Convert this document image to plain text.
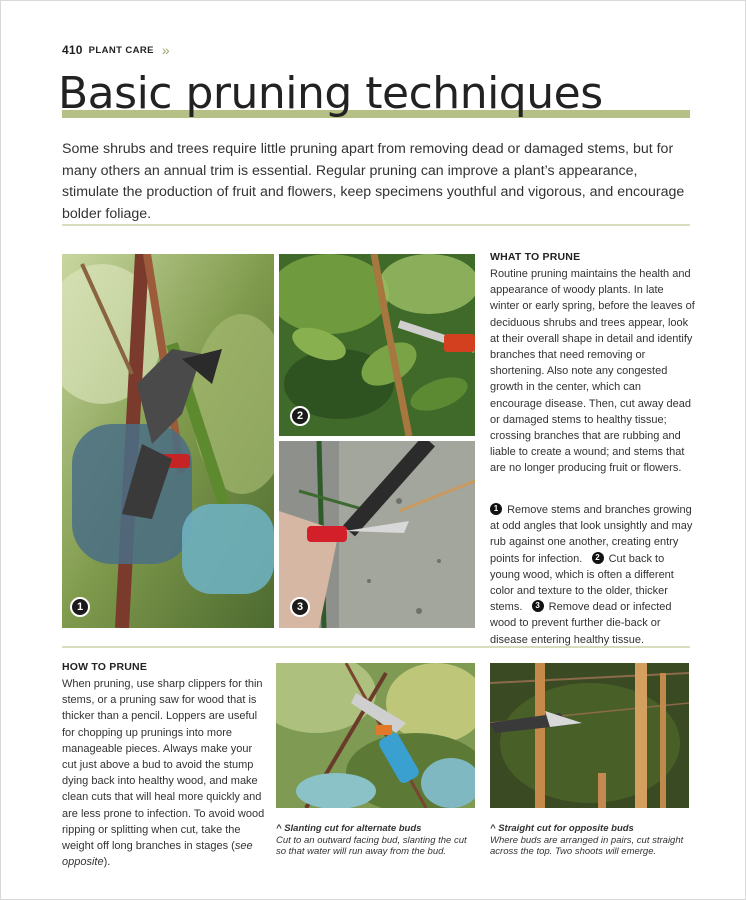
410 PLANT CARE »
Basic pruning techniques
Some shrubs and trees require little pruning apart from removing dead or damaged stems, but for many others an annual trim is essential. Regular pruning can improve a plant’s appearance, stimulate the production of fruit and flowers, keep specimens youthful and vigorous, and encourage bolder foliage.
1
2
3
WHAT TO PRUNE
Routine pruning maintains the health and appearance of woody plants. In late winter or early spring, before the leaves of deciduous shrubs and trees appear, look at their overall shape in detail and identify branches that need removing or shortening. Also note any congested growth in the center, which can encourage disease. Then, cut away dead or damaged stems to healthy tissue; crossing branches that are rubbing and liable to create a wound; and stems that are no longer producing fruit or flowers.
1 Remove stems and branches growing at odd angles that look unsightly and may rub against one another, creating entry points for infection. 2 Cut back to young wood, which is often a different color and texture to the older, thicker stems. 3 Remove dead or infected wood to prevent further die-back or disease entering healthy tissue.
HOW TO PRUNE
When pruning, use sharp clippers for thin stems, or a pruning saw for wood that is thicker than a pencil. Loppers are useful for chopping up prunings into more manageable pieces. Always make your cut just above a bud to avoid the stump dying back into healthy wood, and make clean cuts that will heal more quickly and are less prone to infection. To avoid wood ripping or splitting when cut, take the weight off long branches in stages (see opposite).
^ Slanting cut for alternate buds
Cut to an outward facing bud, slanting the cut so that water will run away from the bud.
^ Straight cut for opposite buds
Where buds are arranged in pairs, cut straight across the top. Two shoots will emerge.
